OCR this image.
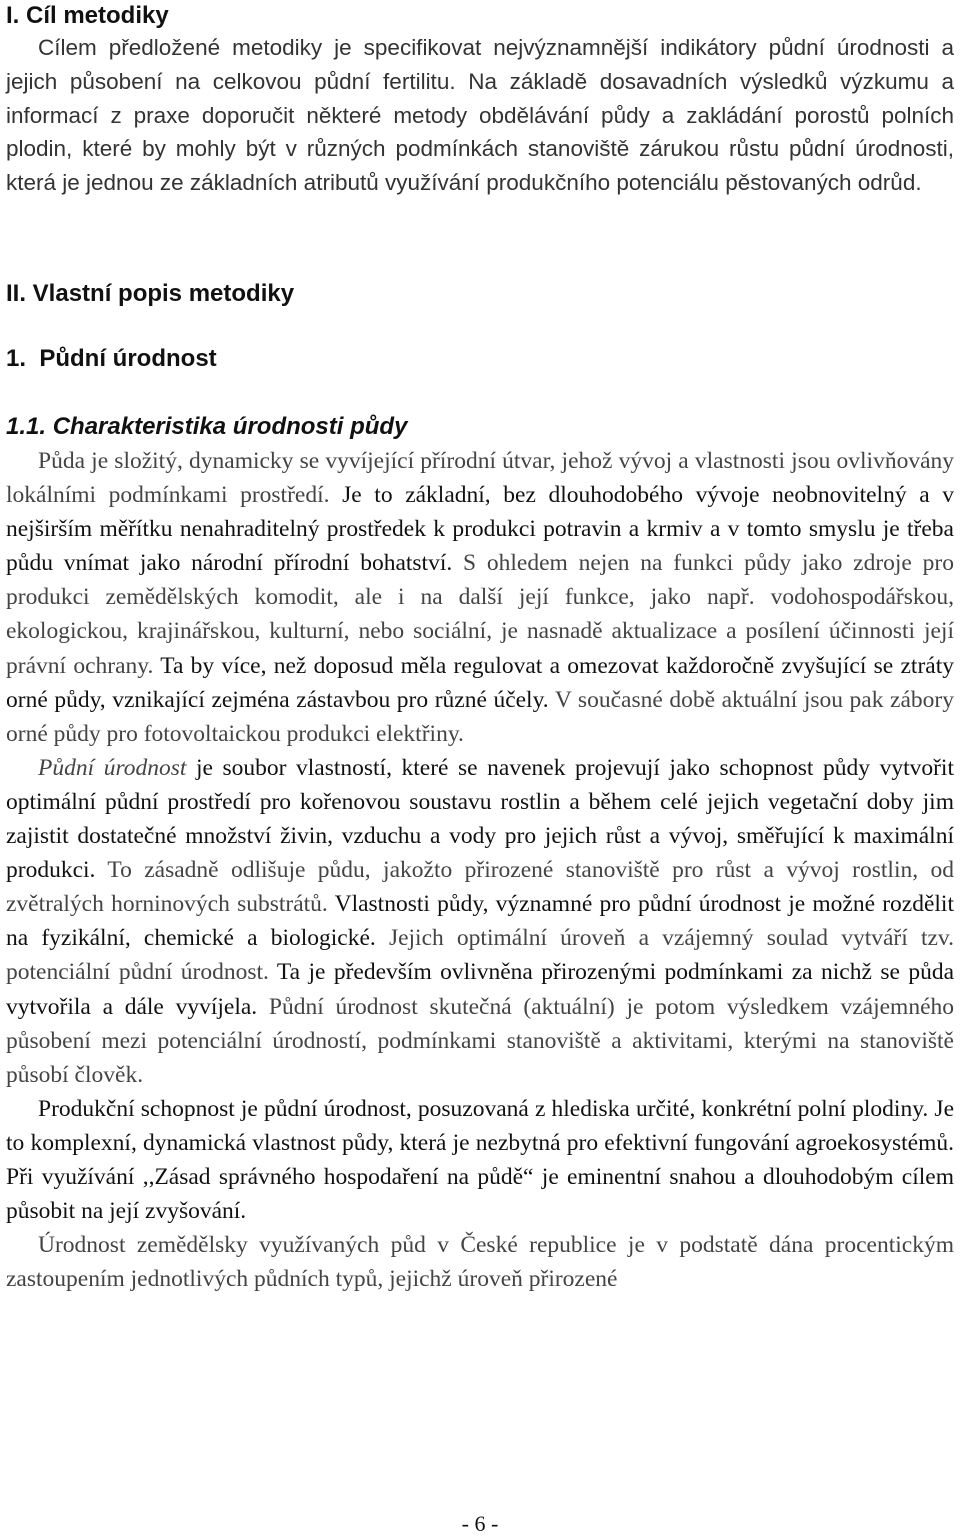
I. Cíl metodiky
Cílem předložené metodiky je specifikovat nejvýznamnější indikátory půdní úrodnosti a jejich působení na celkovou půdní fertilitu. Na základě dosavadních výsledků výzkumu a informací z praxe doporučit některé metody obdělávání půdy a zakládání porostů polních plodin, které by mohly být v různých podmínkách stanoviště zárukou růstu půdní úrodnosti, která je jednou ze základních atributů využívání produkčního potenciálu pěstovaných odrůd.
II. Vlastní popis metodiky
1.  Půdní úrodnost
1.1. Charakteristika úrodnosti půdy

Půda je složitý, dynamicky se vyvíjející přírodní útvar, jehož vývoj a vlastnosti jsou ovlivňovány lokálními podmínkami prostředí. Je to základní, bez dlouhodobého vývoje neobnovitelný a v nejširším měřítku nenahraditelný prostředek k produkci potravin a krmiv a v tomto smyslu je třeba půdu vnímat jako národní přírodní bohatství. S ohledem nejen na funkci půdy jako zdroje pro produkci zemědělských komodit, ale i na další její funkce, jako např. vodohospodářskou, ekologickou, krajinářskou, kulturní, nebo sociální, je nasnadě aktualizace a posílení účinnosti její právní ochrany. Ta by více, než doposud měla regulovat a omezovat každoročně zvyšující se ztráty orné půdy, vznikající zejména zástavbou pro různé účely. V současné době aktuální jsou pak zábory orné půdy pro fotovoltaickou produkci elektřiny.

Půdní úrodnost je soubor vlastností, které se navenek projevují jako schopnost půdy vytvořit optimální půdní prostředí pro kořenovou soustavu rostlin a během celé jejich vegetační doby jim zajistit dostatečné množství živin, vzduchu a vody pro jejich růst a vývoj, směřující k maximální produkci. To zásadně odlišuje půdu, jakožto přirozené stanoviště pro růst a vývoj rostlin, od zvětralých horninových substrátů. Vlastnosti půdy, významné pro půdní úrodnost je možné rozdělit na fyzikální, chemické a biologické. Jejich optimální úroveň a vzájemný soulad vytváří tzv. potenciální půdní úrodnost. Ta je především ovlivněna přirozenými podmínkami za nichž se půda vytvořila a dále vyvíjela. Půdní úrodnost skutečná (aktuální) je potom výsledkem vzájemného působení mezi potenciální úrodností, podmínkami stanoviště a aktivitami, kterými na stanoviště působí člověk.

Produkční schopnost je půdní úrodnost, posuzovaná z hlediska určité, konkrétní polní plodiny. Je to komplexní, dynamická vlastnost půdy, která je nezbytná pro efektivní fungování agroekosystémů. Při využívání ,,Zásad správného hospodaření na půdě“ je eminentní snahou a dlouhodobým cílem působit na její zvyšování.

Úrodnost zemědělsky využívaných půd v České republice je v podstatě dána procentickým zastoupením jednotlivých půdních typů, jejichž úroveň přirozené

- 6 -
